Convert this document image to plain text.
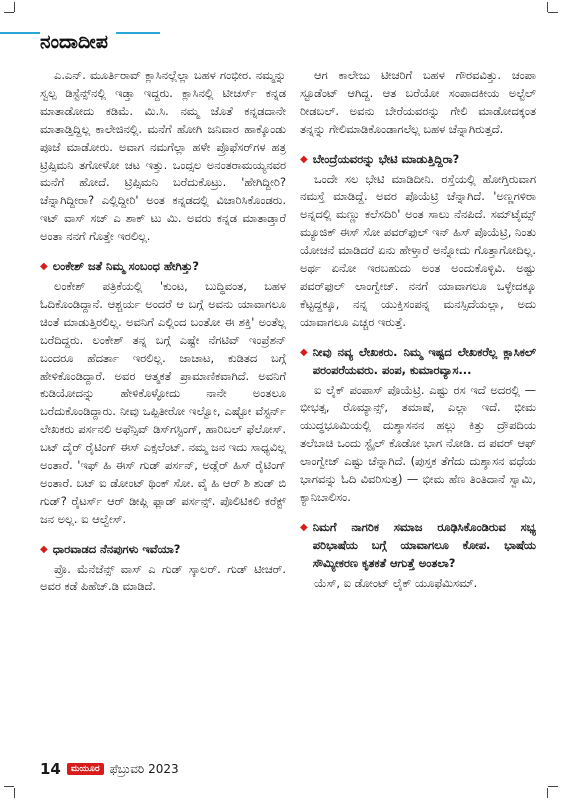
ನಂದಾದೀಪ

ಎ.ಎನ್. ಮೂರ್ತಿರಾವ್ ಕ್ಲಾಸಿನಲ್ಲೆಲ್ಲಾ ಬಹಳ ಗಂಭೀರ. ನಮ್ಮನ್ನು ಸ್ವಲ್ಪ ಡಿಸ್ಟೆನ್ಸ್‌ನಲ್ಲಿ ಇಡ್ತಾ ಇದ್ದರು. ಕ್ಲಾಸಿನಲ್ಲಿ ಟೀಚರ್ಸ್ ಕನ್ನಡ ಮಾತಾಡೋದು ಕಡಿಮೆ. ಮಿ.ಸಿ. ನಮ್ಮ ಜೊತೆ ಕನ್ನಡದಾನೇ ಮಾತಾಡ್ತಿದ್ದಿಲ್ಲ ಕಾಲೇಜಿನಲ್ಲಿ. ಮನೆಗೆ ಹೋಗಿ ಜನಿವಾರ ಹಾಕ್ಕೊಂಡು ಪೂಜೆ ಮಾಡೋರು. ಅವಾಗ ನಮಗೆಲ್ಲಾ ಹಳೇ ಪ್ರೊಫೆಸರ್‌ಗಳ ಹತ್ರ ಟ್ರಿಪ್ಸಿಮನಿ ತಗೋಳೋ ಚಟ ಇತ್ತು. ಒಂದ್ಸಲ ಅನಂತರಾಮಯ್ಯನವರ ಮನೆಗೆ ಹೋದೆ. ಟ್ರಿಪ್ಸಿಮನಿ ಬರೆದುಕೊಟ್ರು. 'ಹೇಗಿದ್ದೀರಿ? ಚೆನ್ನಾಗಿದ್ದೀರಾ? ಎಲ್ಲಿದ್ದೀರಿ' ಅಂತ ಕನ್ನಡದಲ್ಲಿ ವಿಚಾರಿಸಿಕೊಂಡರು. ಇಟ್ ವಾಸ್ ಸಚ್ ಎ ಶಾಕ್ ಟು ಮಿ. ಅವರು ಕನ್ನಡ ಮಾತಾಡ್ತಾರೆ ಅಂತಾ ನನಗೆ ಗೊತ್ತೇ ಇರಲಿಲ್ಲ.

◆ ಲಂಕೇಶ್ ಜತೆ ನಿಮ್ಮ ಸಂಬಂಧ ಹೇಗಿತ್ತು?

ಲಂಕೇಶ್ ಪತ್ರಿಕೆಯಲ್ಲಿ 'ಕುಂಟ, ಬುದ್ಧಿವಂತ, ಬಹಳ ಓದಿಕೊಂಡಿದ್ದಾನೆ. ಆಶ್ಚರ್ಯ ಅಂದರೆ ಆ ಬಗ್ಗೆ ಅವನು ಯಾವಾಗಲೂ ಚಿಂತೆ ಮಾಡುತ್ತಿರಲಿಲ್ಲ. ಅವನಿಗೆ ಎಲ್ಲಿಂದ ಬಂತೋ ಈ ಶಕ್ತಿ' ಅಂತೆಲ್ಲ ಬರೆದಿದ್ದರು. ಲಂಕೇಶ್ ತನ್ನ ಬಗ್ಗೆ ಎಷ್ಟೇ ನೆಗಟಿವ್ ಇಂಪ್ರೆಶನ್ ಬಂದರೂ ಹೆದರ್ತಾ ಇರಲಿಲ್ಲ. ಜಾಚಾಟ, ಕುಡಿತದ ಬಗ್ಗೆ ಹೇಳಿಕೊಂಡಿದ್ದಾರೆ. ಅವರ ಆತ್ಮಕತೆ ಪ್ರಾಮಾಣಿಕವಾಗಿದೆ. ಅವನಿಗೆ ಕುಡಿಯೋದನ್ನು ಹೇಳಿಕೊಳ್ಳೋದು ನಾನೇ ಅಂತಲೂ ಬರೆದುಕೊಂಡಿದ್ದಾರು. ನೀವು ಒಪ್ಪಿತೀರೋ ಇಲ್ವೋ, ಎಷ್ಟೋ ವೆಸ್ಟರ್ನ್ ಲೇಖಕರು ಪರ್ಸನಲಿ ಅಫೆನ್ಸಿವ್ ಡಿಸ್‌ಗಸ್ಟಿಂಗ್, ಹಾರಿಬಲ್ ಫೆಲೋಸ್. ಬಟ್ ದೈರ್ ರೈಟಿಂಗ್ ಈಸ್ ಎಕ್ಸಲೆಂಟ್. ನಮ್ಮ ಜನ ಇದು ಸಾಧ್ಯವಿಲ್ಲ ಅಂತಾರೆ. 'ಇಫ್ ಹಿ ಈಸ್ ಗುಡ್ ಪರ್ಸನ್, ಅಡ್ಲೆರ್ ಹಿಸ್ ರೈಟಿಂಗ್ ಅಂತಾರೆ. ಬಟ್ ಐ ಡೋಂಟ್ ಥಿಂಕ್ ಸೋ. ವೈ ಹಿ ಆರ್ ಶಿ ಶುಡ್ ಬಿ ಗುಡ್? ರೈಟರ್ಸ್ ಆರ್ ಡೀಪ್ಲಿ ಫ್ಲಾಡ್ ಪರ್ಸನ್ಸ್. ಪೊಲಿಟಿಕಲಿ ಕರೆಕ್ಟ್ ಜನ ಅಲ್ಲ. ಐ ಆಲ್ವೇಸ್.

◆ ಧಾರವಾಡದ ನೆನಪುಗಳು ಇವೆಯಾ?

ಪ್ರೊ. ಮೆನೆಜೆನ್ಸ್ ವಾಸ್ ಎ ಗುಡ್ ಸ್ಕಾಲರ್. ಗುಡ್ ಟೀಚರ್. ಅವರ ಕಡೆ ಪಿಹೆಚ್.ಡಿ ಮಾಡಿದೆ.

ಆಗ ಕಾಲೇಜು ಟೀಚರಿಗೆ ಬಹಳ ಗೌರವವಿತ್ತು. ಚಂಪಾ ಸ್ಟೂಡೆಂಟ್ ಆಗಿದ್ದ. ಆತ ಬರೆಯೋ ಸಂಪಾದಕೀಯ ಅಲ್ಟೆಲ್ ರೀಡಬಲ್. ಅವನು ಬೇರೆಯವರನ್ನು ಗೇಲಿ ಮಾಡೋದಕ್ಕಂತ ತನ್ನನ್ನು ಗೇಲಿಮಾಡಿಕೊಂಡಾಗಲೆಲ್ಲ ಬಹಳ ಚೆನ್ನಾಗಿರುತ್ತದೆ.

◆ ಬೇಂದ್ರೆಯವರನ್ನು ಭೇಟಿ ಮಾಡುತ್ತಿದ್ದಿರಾ?

ಒಂದೇ ಸಲ ಭೇಟಿ ಮಾಡಿದೀನಿ. ರಸ್ತೆಯಲ್ಲಿ ಹೋಗ್ತಿರುವಾಗ ನಮಸ್ತೆ ಮಾಡಿದ್ದೆ. ಅವರ ಪೊಯೆಟ್ರಿ ಚೆನ್ನಾಗಿದೆ. 'ಅಣ್ಣಗಳಿರಾ ಅನ್ನದಲ್ಲಿ ಮಣ್ಣು ಕಲೆಸದಿರಿ' ಅಂತ ಸಾಲು ನೆನಪಿದೆ. ಸಮ್‌ಟೈಮ್ಸ್ ಮ್ಯೂಜಿಕ್ ಈಸ್ ಸೋ ಪವರ್‌ಫುಲ್ ಇನ್ ಹಿಸ್ ಪೊಯೆಟ್ರಿ, ನಿಂತು ಯೋಚನೆ ಮಾಡಿದರೆ ಏನು ಹೇಳ್ತಾರೆ ಅನ್ನೋದು ಗೊತ್ತಾಗೋದಿಲ್ಲ. ಅರ್ಥ ಏನೋ ಇರಬಹುದು ಅಂತ ಅಂದುಕೊಳ್ಳಿವಿ. ಅಷ್ಟು ಪವರ್‌ಫುಲ್ ಲಾಂಗ್ವೇಜ್. ನನಗೆ ಯಾವಾಗಲೂ ಒಳ್ಳೇದಕ್ಕೂ ಕೆಟ್ಟದ್ದಕ್ಕೂ, ನನ್ನ ಯುಕ್ತಿಸಂಪನ್ನ ಮನಸ್ಸಿದೆಯಲ್ಲಾ, ಅದು ಯಾವಾಗಲೂ ಎಚ್ಚರ ಇರುತ್ತೆ.

◆ ನೀವು ನವ್ಯ ಲೇಖಕರು. ನಿಮ್ಮ ಇಷ್ಟದ ಲೇಖಕರೆಲ್ಲ ಕ್ಲಾಸಿಕಲ್ ಪರಂಪರೆಯವರು. ಪಂಪ, ಕುಮಾರವ್ಯಾಸ...

ಐ ಲೈಕ್ ಪಂಪಾಸ್ ಪೊಯೆಟ್ರಿ. ಎಷ್ಟು ರಸ ಇದೆ ಅದರಲ್ಲಿ — ಭೀಭತ್ಸ, ರೊಮ್ಯಾನ್ಸ್, ತಮಾಷೆ, ಎಲ್ಲಾ ಇದೆ. ಭೀಮ ಯುದ್ಧಭೂಮಿಯಲ್ಲಿ ದುಶ್ಶಾಸನನ ಹಲ್ಲು ಕಿತ್ತು ದ್ರೌಪದಿಯ ತಲೆಬಾಚಿ ಒಂದು ಸ್ಟೈಲ್ ಕೊಡೋ ಭಾಗ ನೋಡಿ. ದ ಪವರ್ ಆಫ್ ಲಾಂಗ್ವೇಜ್ ಎಷ್ಟು ಚೆನ್ನಾಗಿದೆ. (ಪುಸ್ತಕ ತೆಗೆದು ದುಶ್ಶಾಸನ ವಧೆಯ ಭಾಗವನ್ನು ಓದಿ ವಿವರಿಸುತ್ತ) — ಭೀಮ ಹೆಣ ತಿಂತಿದಾನೆ ಸ್ವಾಮಿ, ಕ್ಯಾನಿಬಾಲಿಸಂ.

◆ ನಿಮಗೆ ನಾಗರಿಕ ಸಮಾಜ ರೂಢಿಸಿಕೊಂಡಿರುವ ಸಭ್ಯ ಪರಿಭಾಷೆಯ ಬಗ್ಗೆ ಯಾವಾಗಲೂ ಕೋಪ. ಭಾಷೆಯ ಸೌಮ್ಯೀಕರಣ ಕೃತಕತೆ ಆಗುತ್ತೆ ಅಂತಲಾ?

ಯೆಸ್, ಐ ಡೋಂಟ್ ಲೈಕ್ ಯೂಫೆಮಿಸಮ್.

14	ಮಯೂರ ಫೆಬ್ರುವರಿ 2023
